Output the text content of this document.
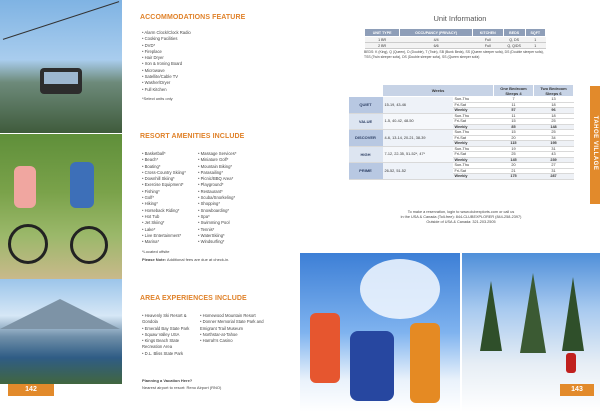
142
ACCOMMODATIONS FEATURE
• Alarm Clock/Clock Radio
• Cooking Facilities
• DVD*
• Fireplace
• Hair Dryer
• Iron & Ironing Board
• Microwave
• Satellite/Cable TV
• Washer/Dryer
• Full Kitchen
*Select units only
RESORT AMENITIES INCLUDE
• Basketball*
• Beach*
• Boating*
• Cross-Country Skiing*
• Downhill Skiing*
• Exercise Equipment*
• Fishing*
• Golf*
• Hiking*
• Horseback Riding*
• Hot Tub
• Jet Skiing*
• Lake*
• Live Entertainment*
• Marina*
• Massage Services*
• Miniature Golf*
• Mountain Biking*
• Parasailing*
• Picnic/BBQ Area*
• Playground*
• Restaurant*
• Scuba/Snorkeling*
• Shopping*
• Snowboarding*
• Spa*
• Swimming Pool
• Tennis*
• WaterSkiing*
• Windsurfing*
*Located offsite
Please Note: Additional fees are due at check-in.
AREA EXPERIENCES INCLUDE
• Heavenly Ski Resort & Gondola
• Emerald Bay State Park
• Squaw Valley USA
• Kings Beach State Recreation Area
• D.L. Bliss State Park
• Homewood Mountain Resort
• Donner Memorial State Park and Emigrant Trail Museum
• Northstar-at-Tahoe
• Harrah's Casino
Planning a Vacation Here?
Nearest airport to resort: Reno Airport (RNO)
Unit Information
UNIT TYPE	OCCUPANCY (PRIVACY)	KITCHEN	BEDS	SQFT
1 BR	4/4	Full	Q, DS	1
2 BR	6/6	Full	Q, Q/DS	1
BEDS: K (King), Q (Queen), D (Double), T (Twin), SB (Bunk Beds), SS (Queen sleeper sofa), DS (Double sleeper sofa), TSS (Twin sleeper sofa), DS (Double sleeper sofa), SS (Queen sleeper sofa)
	Weeks		One Bedroom Sleeps 4	Two Bedroom Sleeps 6
QUIET	15-19, 43-46	Sun-Thu	7	13
		Fri-Sat	11	18
		Weekly	57	96
VALUE	1-5, 40-42, 48-50	Sun-Thu	11	18
		Fri-Sat	15	25
		Weekly	85	148
DISCOVER	4-6, 13-14, 20-21, 38-39	Sun-Thu	15	25
		Fri-Sat	20	34
		Weekly	115	195
HIGH	7-12, 22-35, 51-52*, 47*	Sun-Thu	19	31
		Fri-Sat	25	43
		Weekly	145	239
PRIME	26-52, 51-52	Sun-Thu	20	27
		Fri-Sat	21	31
		Weekly	175	287
To make a reservation, login to www.clubexplorts.com or call us
in the USA & Canada (Toll-free): 844-CLUBEXPLORER (844-258-2397)
Outside of USA & Canada: 321.203.2505
TAHOE VILLAGE
143
